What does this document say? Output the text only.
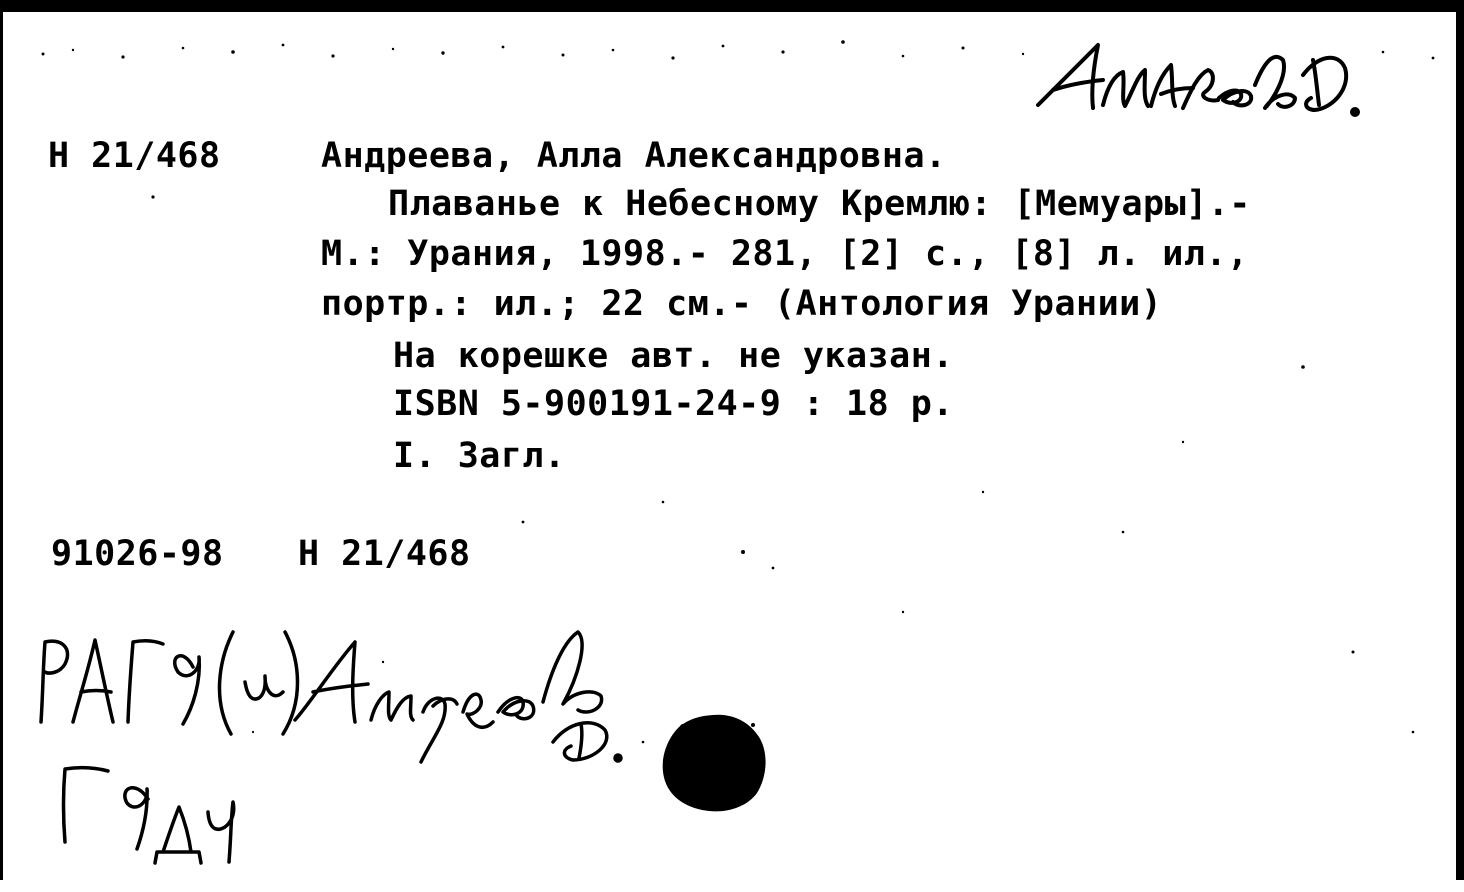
Н 21/468	Андреева, Алла Александровна.
Плаванье к Небесному Кремлю: [Мемуары].-
М.: Урания, 1998.- 281, [2] с., [8] л. ил.,
портр.: ил.; 22 см.- (Антология Урании)
На корешке авт. не указан.
ISBN 5-900191-24-9 : 18 р.
I. Загл.
91026-98 Н 21/468
